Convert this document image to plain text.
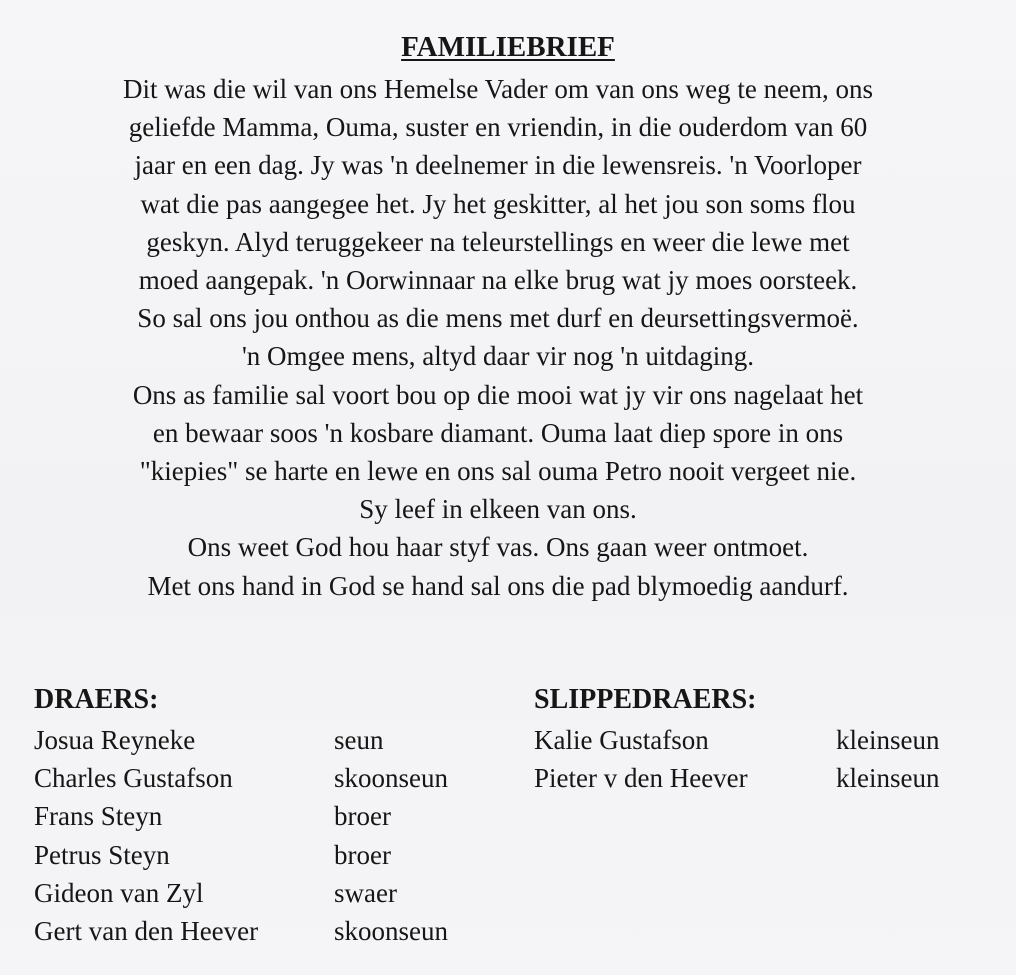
FAMILIEBRIEF
Dit was die wil van ons Hemelse Vader om van ons weg te neem, ons
geliefde Mamma, Ouma, suster en vriendin, in die ouderdom van 60
jaar en een dag. Jy was 'n deelnemer in die lewensreis. 'n Voorloper
wat die pas aangegee het. Jy het geskitter, al het jou son soms flou
geskyn. Alyd teruggekeer na teleurstellings en weer die lewe met
moed aangepak. 'n Oorwinnaar na elke brug wat jy moes oorsteek.
So sal ons jou onthou as die mens met durf en deursettingsvermoë.
'n Omgee mens, altyd daar vir nog 'n uitdaging.
Ons as familie sal voort bou op die mooi wat jy vir ons nagelaat het
en bewaar soos 'n kosbare diamant. Ouma laat diep spore in ons
"kiepies" se harte en lewe en ons sal ouma Petro nooit vergeet nie.
Sy leef in elkeen van ons.
Ons weet God hou haar styf vas. Ons gaan weer ontmoet.
Met ons hand in God se hand sal ons die pad blymoedig aandurf.
DRAERS:
Josua Reyneke	seun
Charles Gustafson	skoonseun
Frans Steyn	broer
Petrus Steyn	broer
Gideon van Zyl	swaer
Gert van den Heever	skoonseun
SLIPPEDRAERS:
Kalie Gustafson	kleinseun
Pieter v den Heever	kleinseun
